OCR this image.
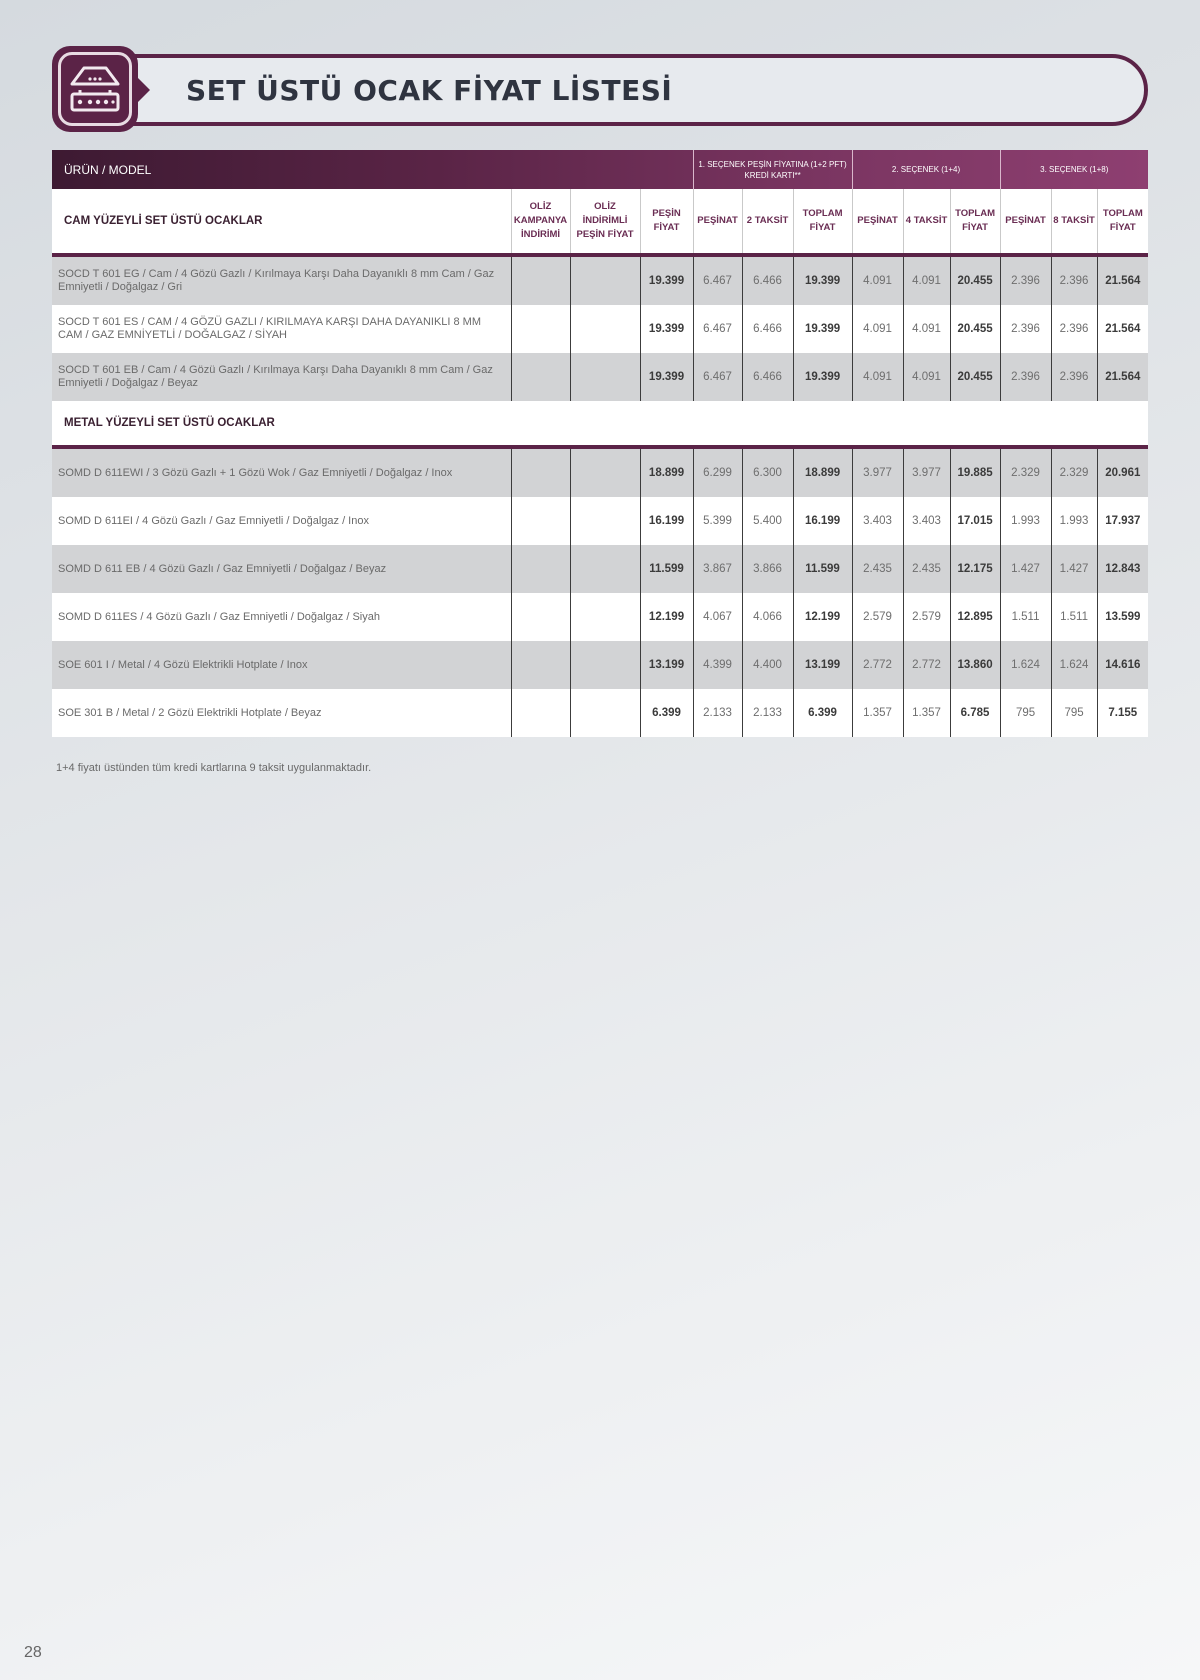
SET ÜSTÜ OCAK FİYAT LİSTESİ
ÜRÜN / MODEL				1. SEÇENEK PEŞİN FİYATINA (1+2 PFT) KREDİ KARTI**			2. SEÇENEK (1+4)			3. SEÇENEK (1+8)		
CAM YÜZEYLİ SET ÜSTÜ OCAKLAR	OLİZ KAMPANYA İNDİRİMİ	OLİZ İNDİRİMLİ PEŞİN FİYAT	PEŞİN FİYAT	PEŞİNAT	2 TAKSİT	TOPLAM FİYAT	PEŞİNAT	4 TAKSİT	TOPLAM FİYAT	PEŞİNAT	8 TAKSİT	TOPLAM FİYAT

SOCD T 601 EG / Cam / 4 Gözü Gazlı / Kırılmaya Karşı Daha Dayanıklı 8 mm Cam / Gaz Emniyetli / Doğalgaz / Gri			19.399	6.467	6.466	19.399	4.091	4.091	20.455	2.396	2.396	21.564
SOCD T 601 ES / CAM / 4 GÖZÜ GAZLI / KIRILMAYA KARŞI DAHA DAYANIKLI 8 MM CAM / GAZ EMNİYETLİ / DOĞALGAZ / SİYAH			19.399	6.467	6.466	19.399	4.091	4.091	20.455	2.396	2.396	21.564
SOCD T 601 EB / Cam / 4 Gözü Gazlı / Kırılmaya Karşı Daha Dayanıklı 8 mm Cam / Gaz Emniyetli / Doğalgaz / Beyaz			19.399	6.467	6.466	19.399	4.091	4.091	20.455	2.396	2.396	21.564
METAL YÜZEYLİ SET ÜSTÜ OCAKLAR												

SOMD D 611EWI / 3 Gözü Gazlı + 1 Gözü Wok / Gaz Emniyetli / Doğalgaz / Inox			18.899	6.299	6.300	18.899	3.977	3.977	19.885	2.329	2.329	20.961
SOMD D 611EI / 4 Gözü Gazlı / Gaz Emniyetli / Doğalgaz / Inox			16.199	5.399	5.400	16.199	3.403	3.403	17.015	1.993	1.993	17.937
SOMD D 611 EB / 4 Gözü Gazlı / Gaz Emniyetli / Doğalgaz / Beyaz			11.599	3.867	3.866	11.599	2.435	2.435	12.175	1.427	1.427	12.843
SOMD D 611ES / 4 Gözü Gazlı / Gaz Emniyetli / Doğalgaz / Siyah			12.199	4.067	4.066	12.199	2.579	2.579	12.895	1.511	1.511	13.599
SOE 601 I / Metal / 4 Gözü Elektrikli Hotplate / Inox			13.199	4.399	4.400	13.199	2.772	2.772	13.860	1.624	1.624	14.616
SOE 301 B / Metal / 2 Gözü Elektrikli Hotplate / Beyaz			6.399	2.133	2.133	6.399	1.357	1.357	6.785	795	795	7.155
1+4 fiyatı üstünden tüm kredi kartlarına 9 taksit uygulanmaktadır.
28
